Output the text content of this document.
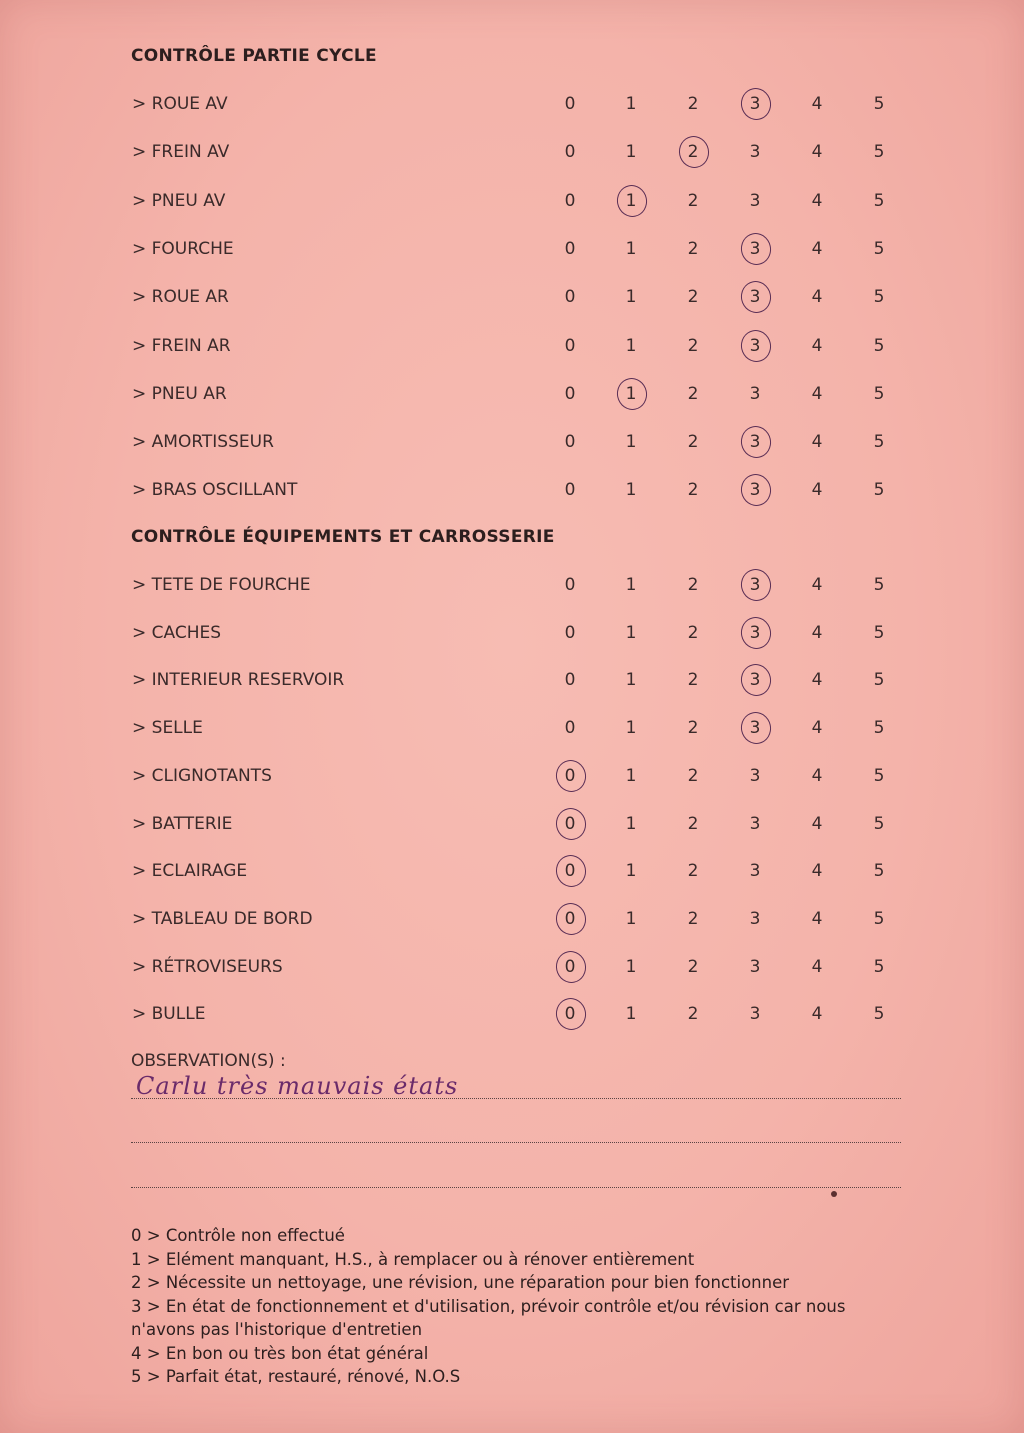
CONTRÔLE PARTIE CYCLE
> ROUE AV	0	1	2	3	4	5
> FREIN AV	0	1	2	3	4	5
> PNEU AV	0	1	2	3	4	5
> FOURCHE	0	1	2	3	4	5
> ROUE AR	0	1	2	3	4	5
> FREIN AR	0	1	2	3	4	5
> PNEU AR	0	1	2	3	4	5
> AMORTISSEUR	0	1	2	3	4	5
> BRAS OSCILLANT	0	1	2	3	4	5
CONTRÔLE ÉQUIPEMENTS ET CARROSSERIE
> TETE DE FOURCHE	0	1	2	3	4	5
> CACHES	0	1	2	3	4	5
> INTERIEUR RESERVOIR	0	1	2	3	4	5
> SELLE	0	1	2	3	4	5
> CLIGNOTANTS	0	1	2	3	4	5
> BATTERIE	0	1	2	3	4	5
> ECLAIRAGE	0	1	2	3	4	5
> TABLEAU DE BORD	0	1	2	3	4	5
> RÉTROVISEURS	0	1	2	3	4	5
> BULLE	0	1	2	3	4	5
OBSERVATION(S) :
Carlu très mauvais états
0 > Contrôle non effectué
1 > Elément manquant, H.S., à remplacer ou à rénover entièrement
2 > Nécessite un nettoyage, une révision, une réparation pour bien fonctionner
3 > En état de fonctionnement et d'utilisation, prévoir contrôle et/ou révision car nous n'avons pas l'historique d'entretien
4 > En bon ou très bon état général
5 > Parfait état, restauré, rénové, N.O.S
